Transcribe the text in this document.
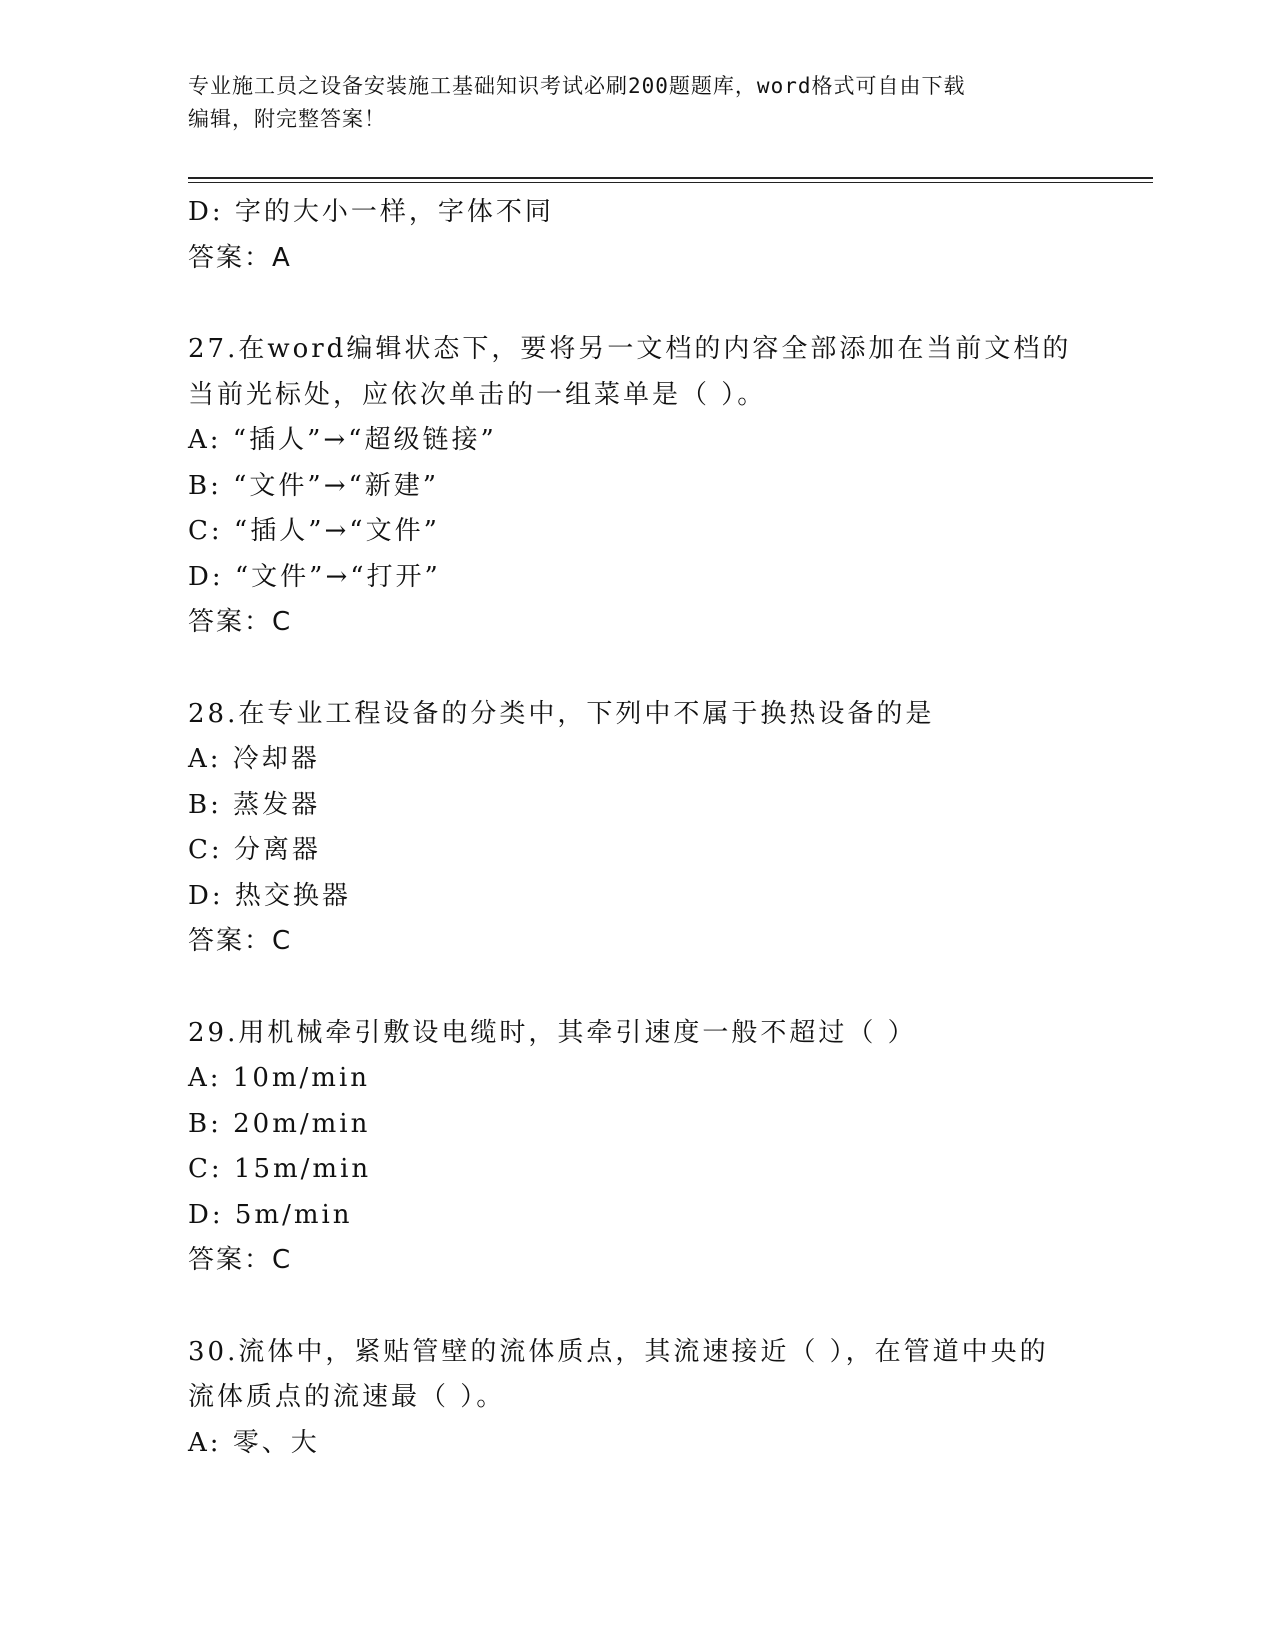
专业施工员之设备安装施工基础知识考试必刷200题题库，word格式可自由下载
编辑，附完整答案！
D: 字的大小一样，字体不同
答案：A
27.在word编辑状态下，要将另一文档的内容全部添加在当前文档的
当前光标处，应依次单击的一组菜单是（ ）。
A: “插人”→“超级链接”
B: “文件”→“新建”
C: “插人”→“文件”
D: “文件”→“打开”
答案：C
28.在专业工程设备的分类中，下列中不属于换热设备的是
A: 冷却器
B: 蒸发器
C: 分离器
D: 热交换器
答案：C
29.用机械牵引敷设电缆时，其牵引速度一般不超过（ ）
A: 10m/min
B: 20m/min
C: 15m/min
D: 5m/min
答案：C
30.流体中，紧贴管壁的流体质点，其流速接近（ ），在管道中央的
流体质点的流速最（ ）。
A: 零、大
